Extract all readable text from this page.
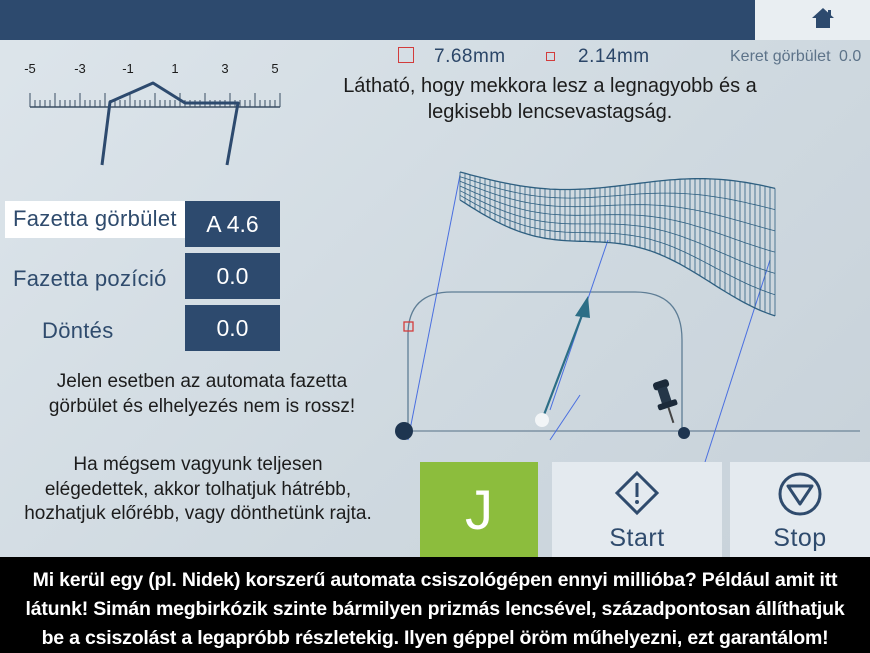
-5	-3	-1	1	3	5
7.68mm	2.14mm	Keret görbület 0.0
Látható, hogy mekkora lesz a legnagyobb és a
legkisebb lencsevastagság.
Fazetta görbület	A 4.6
Fazetta pozíció	0.0
Döntés	0.0
Jelen esetben az automata fazetta
görbület és elhelyezés nem is rossz!
Ha mégsem vagyunk teljesen
elégedettek, akkor tolhatjuk hátrébb,
hozhatjuk előrébb, vagy dönthetünk rajta.	J	Start	Stop
Mi kerül egy (pl. Nidek) korszerű automata csiszológépen ennyi millióba? Például amit itt
látunk! Simán megbirkózik szinte bármilyen prizmás lencsével, századpontosan állíthatjuk
be a csiszolást a legapróbb részletekig. Ilyen géppel öröm műhelyezni, ezt garantálom!
